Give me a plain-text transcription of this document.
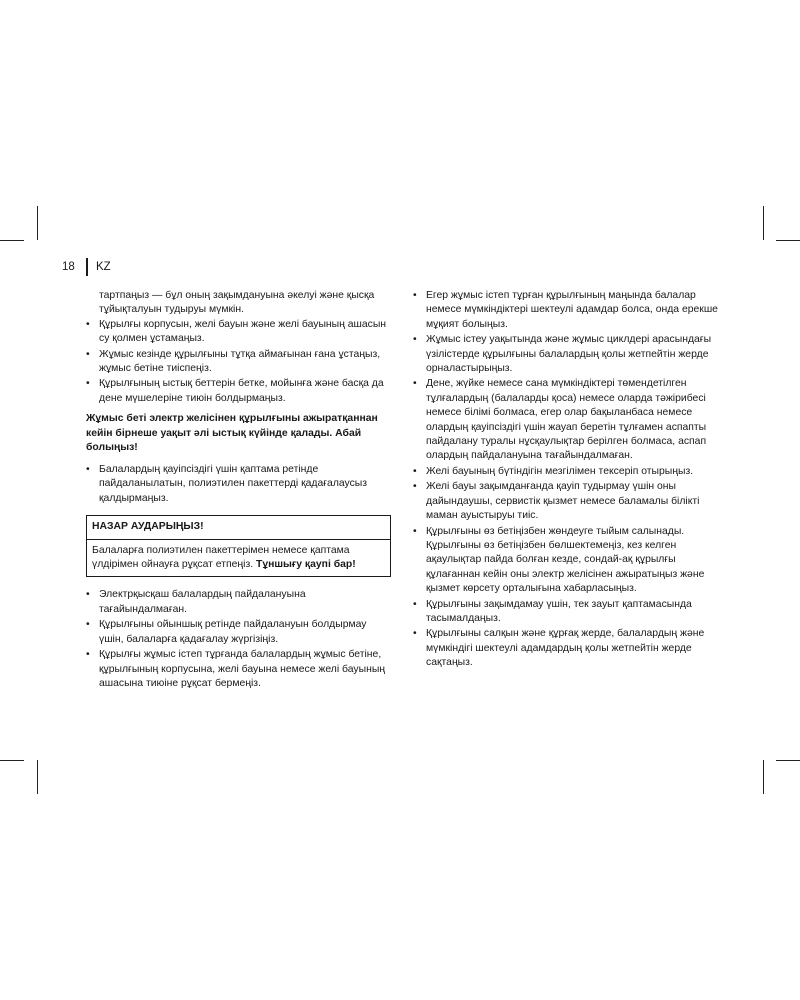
18	KZ

тартпаңыз — бұл оның зақымдануына әкелуі және қысқа тұйықталуын тудыруы мүмкін.

• Құрылғы корпусын, желі бауын және желі бауының ашасын су қолмен ұстамаңыз.
• Жұмыс кезінде құрылғыны тұтқа аймағынан ғана ұстаңыз, жұмыс бетіне тиіспеңіз.
• Құрылғының ыстық беттерін бетке, мойынға және басқа да дене мүшелеріне тиюін болдырмаңыз.

Жұмыс беті электр желісінен құрылғыны ажыратқаннан кейін бірнеше уақыт әлі ыстық күйінде қалады. Абай болыңыз!

• Балалардың қауіпсіздігі үшін қаптама ретінде пайдаланылатын, полиэтилен пакеттерді қадағалаусыз қалдырмаңыз.
НАЗАР АУДАРЫҢЫЗ!
Балаларға полиэтилен пакеттерімен немесе қаптама үлдірімен ойнауға рұқсат етпеңіз. Тұншығу қаупі бар!
• Электрқысқаш балалардың пайдалануына тағайындалмаған.
• Құрылғыны ойыншық ретінде пайдалануын болдырмау үшін, балаларға қадағалау жүргізіңіз.
• Құрылғы жұмыс істеп тұрғанда балалардың жұмыс бетіне, құрылғының корпусына, желі бауына немесе желі бауының ашасына тиюіне рұқсат бермеңіз.
• Егер жұмыс істеп тұрған құрылғының маңында балалар немесе мүмкіндіктері шектеулі адамдар болса, онда ерекше мұқият болыңыз.
• Жұмыс істеу уақытында және жұмыс циклдері арасындағы үзілістерде құрылғыны балалардың қолы жетпейтін жерде орналастырыңыз.
• Дене, жүйке немесе сана мүмкіндіктері төмендетілген тұлғалардың (балаларды қоса) немесе оларда тәжірибесі немесе білімі болмаса, егер олар бақыланбаса немесе олардың қауіпсіздігі үшін жауап беретін тұлғамен аспапты пайдалану туралы нұсқаулықтар берілген болмаса, аспап олардың пайдалануына тағайындалмаған.
• Желі бауының бүтіндігін мезгілімен тексеріп отырыңыз.
• Желі бауы зақымданғанда қауіп тудырмау үшін оны дайындаушы, сервистік қызмет немесе баламалы білікті маман ауыстыруы тиіс.
• Құрылғыны өз бетіңізбен жөндеуге тыйым салынады. Құрылғыны өз бетіңізбен бөлшектемеңіз, кез келген ақаулықтар пайда болған кезде, сондай-ақ құрылғы құлағаннан кейін оны электр желісінен ажыратыңыз және қызмет көрсету орталығына хабарласыңыз.
• Құрылғыны зақымдамау үшін, тек зауыт қаптамасында тасымалдаңыз.
• Құрылғыны салқын және құрғақ жерде, балалардың және мүмкіндігі шектеулі адамдардың қолы жетпейтін жерде сақтаңыз.
